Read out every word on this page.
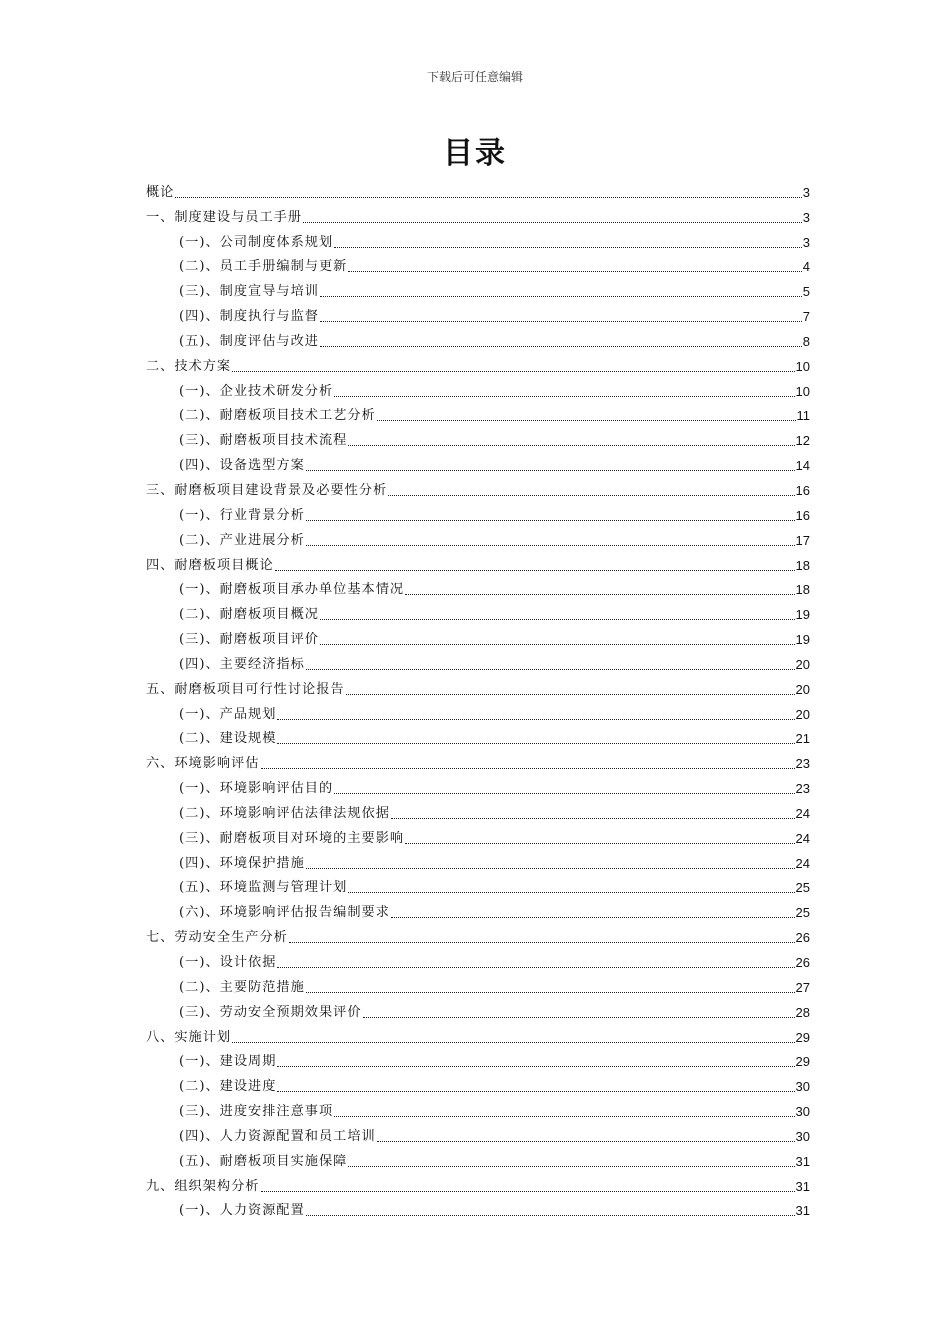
下载后可任意编辑
目录
概论	3
一、制度建设与员工手册	3
(一)、公司制度体系规划	3
(二)、员工手册编制与更新	4
(三)、制度宣导与培训	5
(四)、制度执行与监督	7
(五)、制度评估与改进	8
二、技术方案	10
(一)、企业技术研发分析	10
(二)、耐磨板项目技术工艺分析	11
(三)、耐磨板项目技术流程	12
(四)、设备选型方案	14
三、耐磨板项目建设背景及必要性分析	16
(一)、行业背景分析	16
(二)、产业进展分析	17
四、耐磨板项目概论	18
(一)、耐磨板项目承办单位基本情况	18
(二)、耐磨板项目概况	19
(三)、耐磨板项目评价	19
(四)、主要经济指标	20
五、耐磨板项目可行性讨论报告	20
(一)、产品规划	20
(二)、建设规模	21
六、环境影响评估	23
(一)、环境影响评估目的	23
(二)、环境影响评估法律法规依据	24
(三)、耐磨板项目对环境的主要影响	24
(四)、环境保护措施	24
(五)、环境监测与管理计划	25
(六)、环境影响评估报告编制要求	25
七、劳动安全生产分析	26
(一)、设计依据	26
(二)、主要防范措施	27
(三)、劳动安全预期效果评价	28
八、实施计划	29
(一)、建设周期	29
(二)、建设进度	30
(三)、进度安排注意事项	30
(四)、人力资源配置和员工培训	30
(五)、耐磨板项目实施保障	31
九、组织架构分析	31
(一)、人力资源配置	31
